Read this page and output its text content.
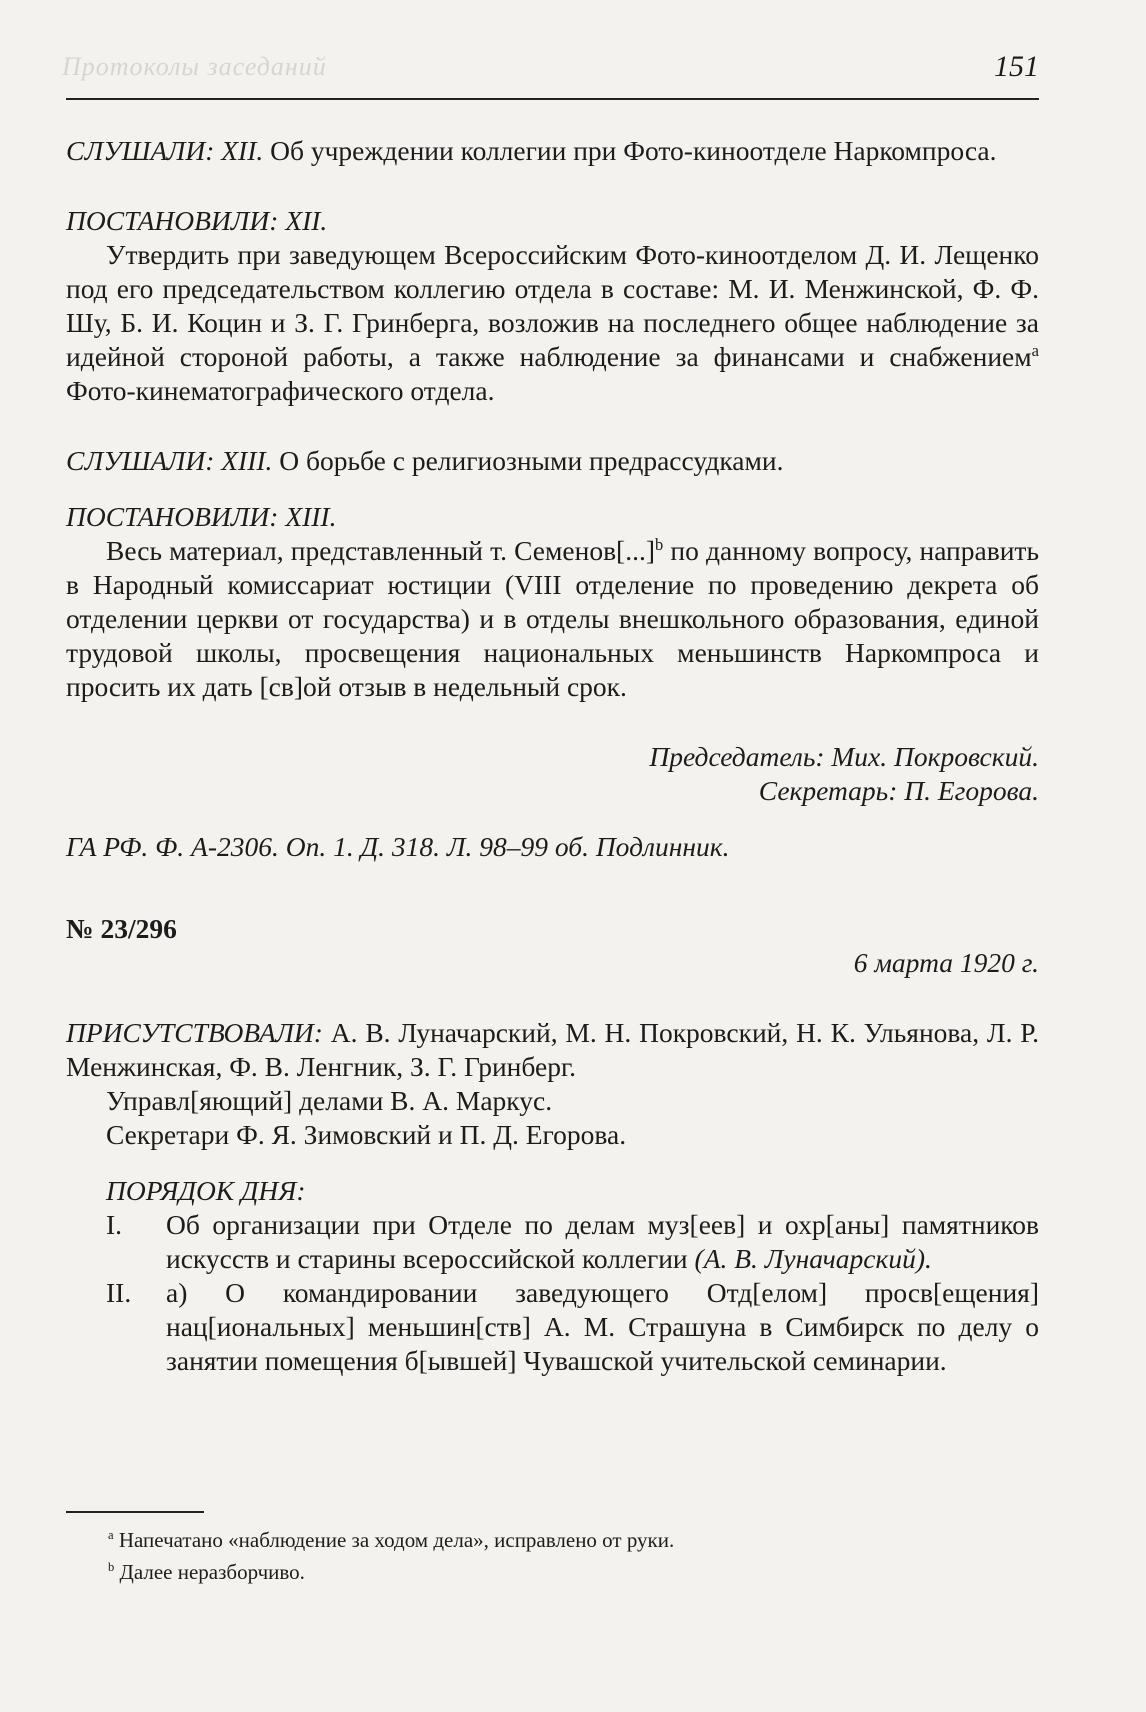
Протоколы заседаний	151

СЛУШАЛИ: XII. Об учреждении коллегии при Фото-киноотделе Наркомпроса.

ПОСТАНОВИЛИ: XII.

Утвердить при заведующем Всероссийским Фото-киноотделом Д. И. Лещенко под его председательством коллегию отдела в составе: М. И. Менжинской, Ф. Ф. Шу, Б. И. Коцин и З. Г. Гринберга, возложив на последнего общее наблюдение за идейной стороной работы, а также наблюдение за финансами и снабжением$^a$ Фото-кинематографического отдела.

СЛУШАЛИ: XIII. О борьбе с религиозными предрассудками.

ПОСТАНОВИЛИ: XIII.

Весь материал, представленный т. Семенов[...]$^b$ по данному вопросу, направить в Народный комиссариат юстиции (VIII отделение по проведению декрета об отделении церкви от государства) и в отделы внешкольного образования, единой трудовой школы, просвещения национальных меньшинств Наркомпроса и просить их дать [св]ой отзыв в недельный срок.

Председатель: Мих. Покровский.

Секретарь: П. Егорова.

ГА РФ. Ф. А-2306. Оп. 1. Д. 318. Л. 98–99 об. Подлинник.

№ 23/296

6 марта 1920 г.

ПРИСУТСТВОВАЛИ: А. В. Луначарский, М. Н. Покровский, Н. К. Ульянова, Л. Р. Менжинская, Ф. В. Ленгник, З. Г. Гринберг.

Управл[яющий] делами В. А. Маркус.

Секретари Ф. Я. Зимовский и П. Д. Егорова.

ПОРЯДОК ДНЯ:

I.	Об организации при Отделе по делам муз[еев] и охр[аны] памятников искусств и старины всероссийской коллегии (А. В. Луначарский).
II.	а) О командировании заведующего Отд[елом] просв[ещения] нац[иональных] меньшин[ств] А. М. Страшуна в Симбирск по делу о занятии помещения б[ывшей] Чувашской учительской семинарии.
$^a$ Напечатано «наблюдение за ходом дела», исправлено от руки.
$^b$ Далее неразборчиво.
